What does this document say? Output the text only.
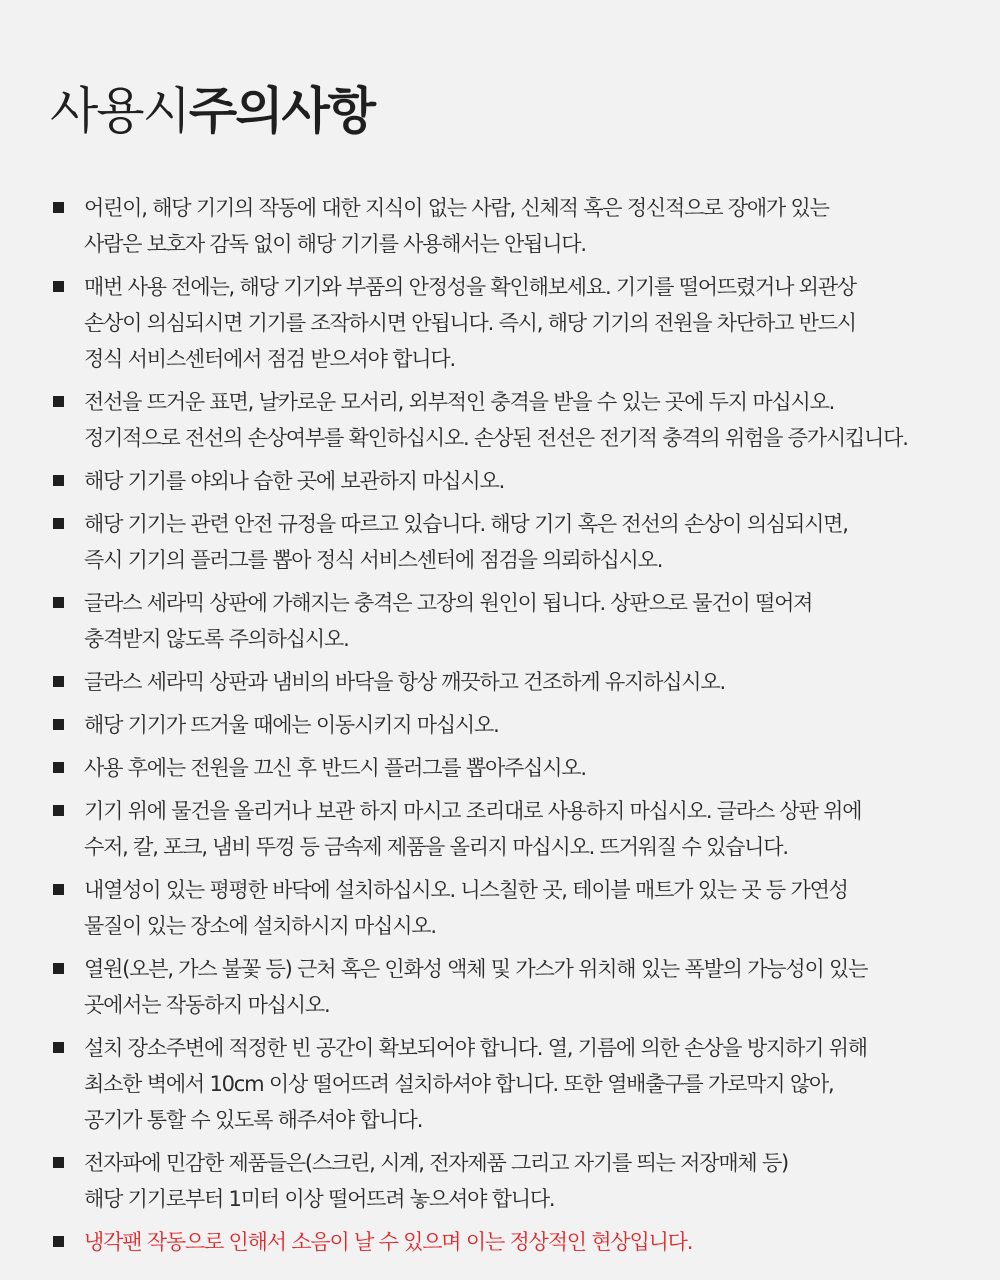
사용시주의사항
어린이, 해당 기기의 작동에 대한 지식이 없는 사람, 신체적 혹은 정신적으로 장애가 있는
사람은 보호자 감독 없이 해당 기기를 사용해서는 안됩니다.
매번 사용 전에는, 해당 기기와 부품의 안정성을 확인해보세요. 기기를 떨어뜨렸거나 외관상
손상이 의심되시면 기기를 조작하시면 안됩니다. 즉시, 해당 기기의 전원을 차단하고 반드시
정식 서비스센터에서 점검 받으셔야 합니다.
전선을 뜨거운 표면, 날카로운 모서리, 외부적인 충격을 받을 수 있는 곳에 두지 마십시오.
정기적으로 전선의 손상여부를 확인하십시오. 손상된 전선은 전기적 충격의 위험을 증가시킵니다.
해당 기기를 야외나 습한 곳에 보관하지 마십시오.
해당 기기는 관련 안전 규정을 따르고 있습니다. 해당 기기 혹은 전선의 손상이 의심되시면,
즉시 기기의 플러그를 뽑아 정식 서비스센터에 점검을 의뢰하십시오.
글라스 세라믹 상판에 가해지는 충격은 고장의 원인이 됩니다. 상판으로 물건이 떨어져
충격받지 않도록 주의하십시오.
글라스 세라믹 상판과 냄비의 바닥을 항상 깨끗하고 건조하게 유지하십시오.
해당 기기가 뜨거울 때에는 이동시키지 마십시오.
사용 후에는 전원을 끄신 후 반드시 플러그를 뽑아주십시오.
기기 위에 물건을 올리거나 보관 하지 마시고 조리대로 사용하지 마십시오. 글라스 상판 위에
수저, 칼, 포크, 냄비 뚜껑 등 금속제 제품을 올리지 마십시오. 뜨거워질 수 있습니다.
내열성이 있는 평평한 바닥에 설치하십시오. 니스칠한 곳, 테이블 매트가 있는 곳 등 가연성
물질이 있는 장소에 설치하시지 마십시오.
열원(오븐, 가스 불꽃 등) 근처 혹은 인화성 액체 및 가스가 위치해 있는 폭발의 가능성이 있는
곳에서는 작동하지 마십시오.
설치 장소주변에 적정한 빈 공간이 확보되어야 합니다. 열, 기름에 의한 손상을 방지하기 위해
최소한 벽에서 10cm 이상 떨어뜨려 설치하셔야 합니다. 또한 열배출구를 가로막지 않아,
공기가 통할 수 있도록 해주셔야 합니다.
전자파에 민감한 제품들은(스크린, 시계, 전자제품 그리고 자기를 띄는 저장매체 등)
해당 기기로부터 1미터 이상 떨어뜨려 놓으셔야 합니다.
냉각팬 작동으로 인해서 소음이 날 수 있으며 이는 정상적인 현상입니다.
